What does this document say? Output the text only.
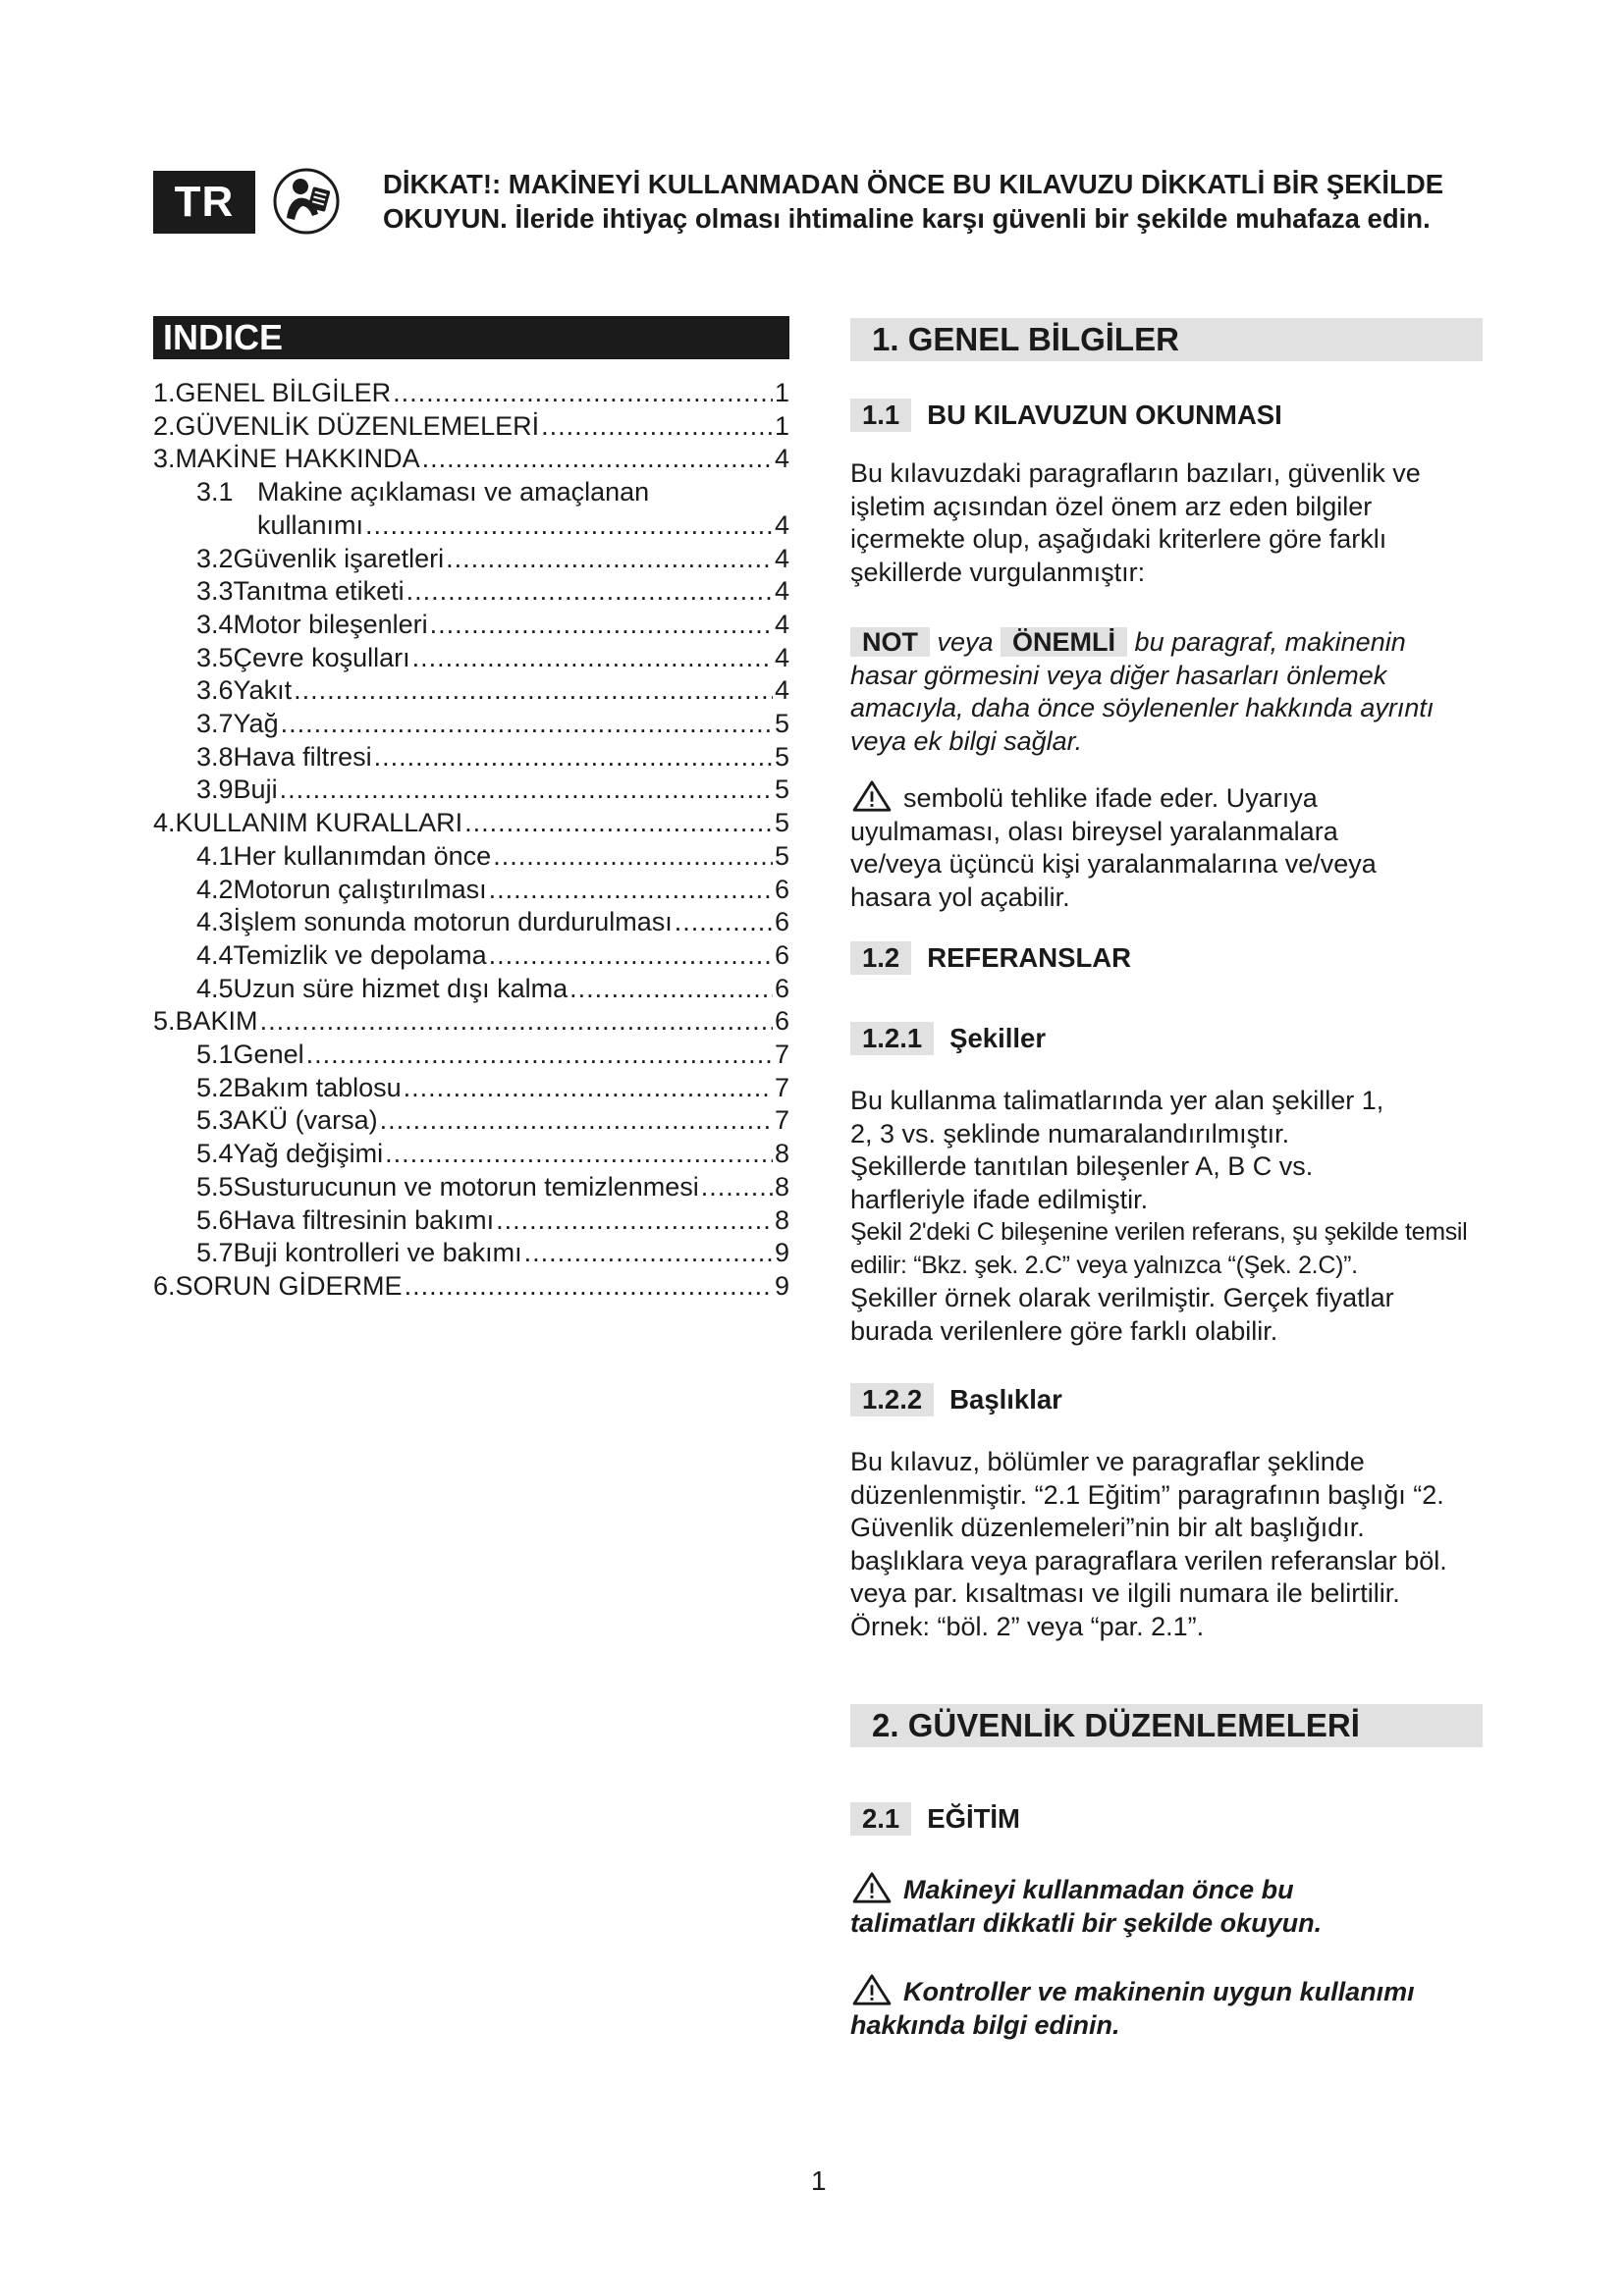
TR	DİKKAT!: MAKİNEYİ KULLANMADAN ÖNCE BU KILAVUZU DİKKATLİ BİR ŞEKİLDE OKUYUN. İleride ihtiyaç olması ihtimaline karşı güvenli bir şekilde muhafaza edin.
INDICE
1. GENEL BİLGİLER .....	1
2. GÜVENLİK DÜZENLEMELERİ .....	1
3. MAKİNE HAKKINDA .....	4
3.1 Makine açıklaması ve amaçlanan
kullanımı .....	4
3.2 Güvenlik işaretleri .....	4
3.3 Tanıtma etiketi .....	4
3.4 Motor bileşenleri .....	4
3.5 Çevre koşulları .....	4
3.6 Yakıt .....	4
3.7 Yağ .....	5
3.8 Hava filtresi .....	5
3.9 Buji .....	5
4. KULLANIM KURALLARI .....	5
4.1 Her kullanımdan önce .....	5
4.2 Motorun çalıştırılması .....	6
4.3 İşlem sonunda motorun durdurulması .....	6
4.4 Temizlik ve depolama .....	6
4.5 Uzun süre hizmet dışı kalma .....	6
5. BAKIM .....	6
5.1 Genel .....	7
5.2 Bakım tablosu .....	7
5.3 AKÜ (varsa) .....	7
5.4 Yağ değişimi .....	8
5.5 Susturucunun ve motorun temizlenmesi .....	8
5.6 Hava filtresinin bakımı .....	8
5.7 Buji kontrolleri ve bakımı .....	9
6. SORUN GİDERME .....	9
1. GENEL BİLGİLER
1.1	BU KILAVUZUN OKUNMASI
Bu kılavuzdaki paragrafların bazıları, güvenlik ve işletim açısından özel önem arz eden bilgiler içermekte olup, aşağıdaki kriterlere göre farklı şekillerde vurgulanmıştır:
NOT veya ÖNEMLİ bu paragraf, makinenin hasar görmesini veya diğer hasarları önlemek amacıyla, daha önce söylenenler hakkında ayrıntı veya ek bilgi sağlar.
sembolü tehlike ifade eder. Uyarıya uyulmaması, olası bireysel yaralanmalara ve/veya üçüncü kişi yaralanmalarına ve/veya hasara yol açabilir.
1.2	REFERANSLAR
1.2.1	Şekiller
Bu kullanma talimatlarında yer alan şekiller 1, 2, 3 vs. şeklinde numaralandırılmıştır. Şekillerde tanıtılan bileşenler A, B C vs. harfleriyle ifade edilmiştir.
Şekil 2'deki C bileşenine verilen referans, şu şekilde temsil edilir: “Bkz. şek. 2.C” veya yalnızca “(Şek. 2.C)”.
Şekiller örnek olarak verilmiştir. Gerçek fiyatlar burada verilenlere göre farklı olabilir.
1.2.2	Başlıklar
Bu kılavuz, bölümler ve paragraflar şeklinde düzenlenmiştir. “2.1 Eğitim” paragrafının başlığı “2. Güvenlik düzenlemeleri”nin bir alt başlığıdır. başlıklara veya paragraflara verilen referanslar böl. veya par. kısaltması ve ilgili numara ile belirtilir. Örnek: “böl. 2” veya “par. 2.1”.
2. GÜVENLİK DÜZENLEMELERİ
2.1	EĞİTİM
Makineyi kullanmadan önce bu talimatları dikkatli bir şekilde okuyun.
Kontroller ve makinenin uygun kullanımı hakkında bilgi edinin.
1
